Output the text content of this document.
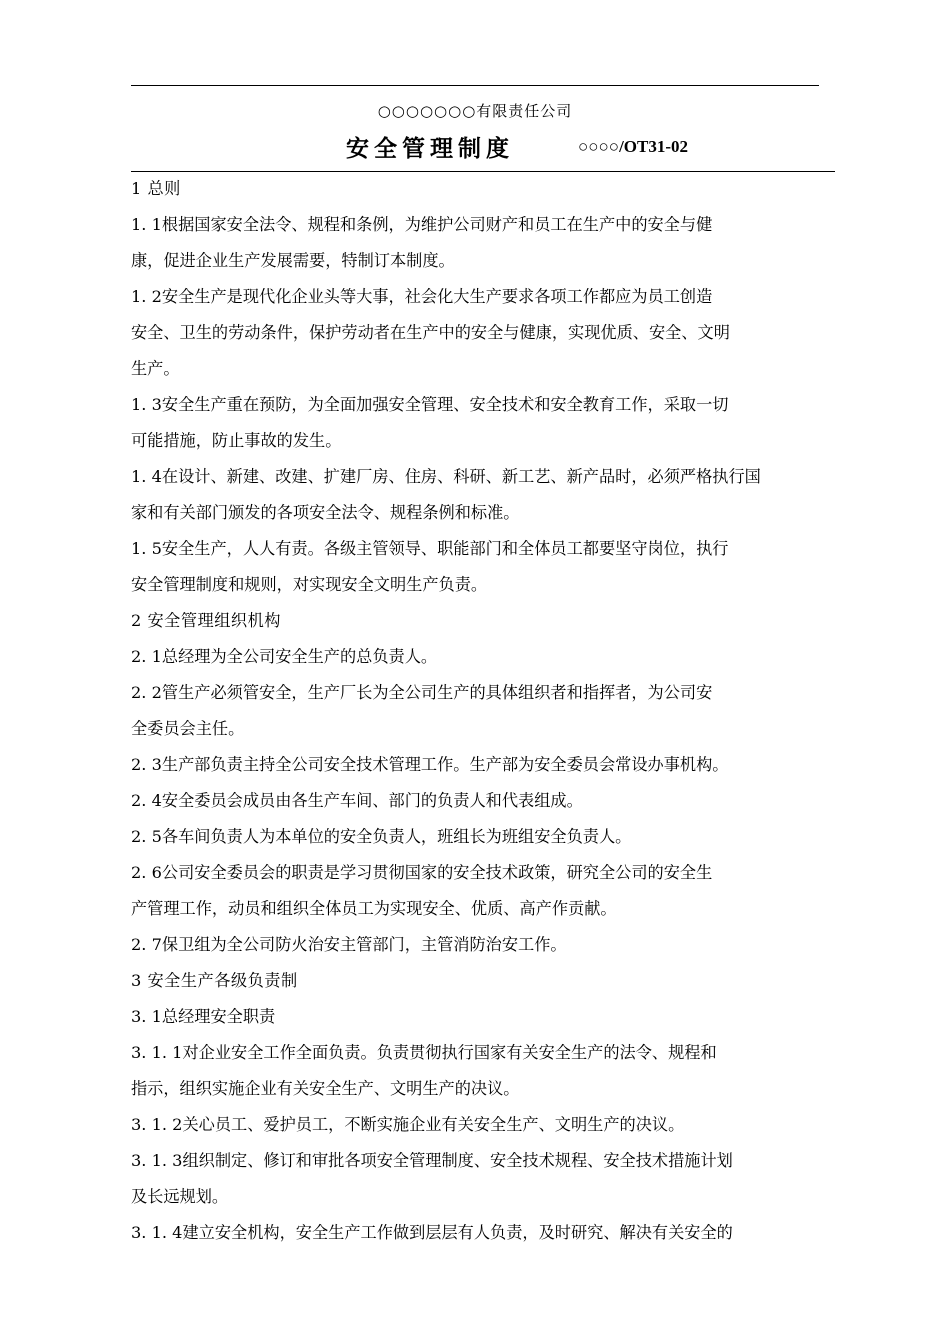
○○○○○○○有限责任公司
安全管理制度	○○○○/OT31-02
1 总则
1. 1根据国家安全法令、规程和条例，为维护公司财产和员工在生产中的安全与健
康，促进企业生产发展需要，特制订本制度。
1. 2安全生产是现代化企业头等大事，社会化大生产要求各项工作都应为员工创造
安全、卫生的劳动条件，保护劳动者在生产中的安全与健康，实现优质、安全、文明
生产。
1. 3安全生产重在预防，为全面加强安全管理、安全技术和安全教育工作，采取一切
可能措施，防止事故的发生。
1. 4在设计、新建、改建、扩建厂房、住房、科研、新工艺、新产品时，必须严格执行国
家和有关部门颁发的各项安全法令、规程条例和标准。
1. 5安全生产，人人有责。各级主管领导、职能部门和全体员工都要坚守岗位，执行
安全管理制度和规则，对实现安全文明生产负责。
2 安全管理组织机构
2. 1总经理为全公司安全生产的总负责人。
2. 2管生产必须管安全，生产厂长为全公司生产的具体组织者和指挥者，为公司安
全委员会主任。
2. 3生产部负责主持全公司安全技术管理工作。生产部为安全委员会常设办事机构。
2. 4安全委员会成员由各生产车间、部门的负责人和代表组成。
2. 5各车间负责人为本单位的安全负责人，班组长为班组安全负责人。
2. 6公司安全委员会的职责是学习贯彻国家的安全技术政策，研究全公司的安全生
产管理工作，动员和组织全体员工为实现安全、优质、高产作贡献。
2. 7保卫组为全公司防火治安主管部门，主管消防治安工作。
3 安全生产各级负责制
3. 1总经理安全职责
3. 1. 1对企业安全工作全面负责。负责贯彻执行国家有关安全生产的法令、规程和
指示，组织实施企业有关安全生产、文明生产的决议。
3. 1. 2关心员工、爱护员工，不断实施企业有关安全生产、文明生产的决议。
3. 1. 3组织制定、修订和审批各项安全管理制度、安全技术规程、安全技术措施计划
及长远规划。
3. 1. 4建立安全机构，安全生产工作做到层层有人负责，及时研究、解决有关安全的
